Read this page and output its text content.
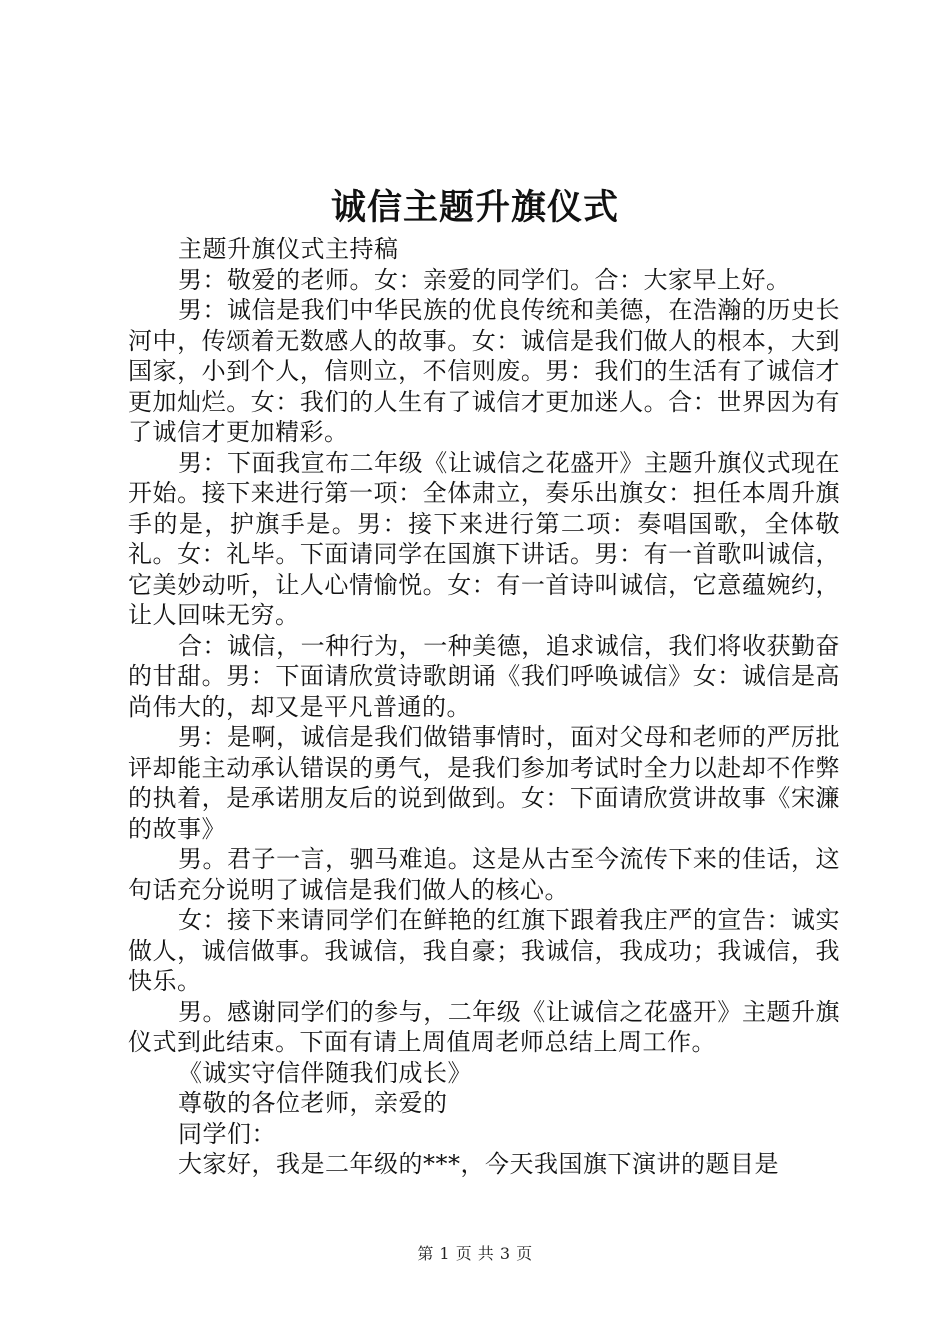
诚信主题升旗仪式

主题升旗仪式主持稿

男：敬爱的老师。女：亲爱的同学们。合：大家早上好。

男：诚信是我们中华民族的优良传统和美德，在浩瀚的历史长河中，传颂着无数感人的故事。女：诚信是我们做人的根本，大到国家，小到个人，信则立，不信则废。男：我们的生活有了诚信才更加灿烂。女：我们的人生有了诚信才更加迷人。合：世界因为有了诚信才更加精彩。

男：下面我宣布二年级《让诚信之花盛开》主题升旗仪式现在开始。接下来进行第一项：全体肃立，奏乐出旗女：担任本周升旗手的是，护旗手是。男：接下来进行第二项：奏唱国歌，全体敬礼。女：礼毕。下面请同学在国旗下讲话。男：有一首歌叫诚信，它美妙动听，让人心情愉悦。女：有一首诗叫诚信，它意蕴婉约，让人回味无穷。

合：诚信，一种行为，一种美德，追求诚信，我们将收获勤奋的甘甜。男：下面请欣赏诗歌朗诵《我们呼唤诚信》女：诚信是高尚伟大的，却又是平凡普通的。

男：是啊，诚信是我们做错事情时，面对父母和老师的严厉批评却能主动承认错误的勇气，是我们参加考试时全力以赴却不作弊的执着，是承诺朋友后的说到做到。女：下面请欣赏讲故事《宋濂的故事》

男。君子一言，驷马难追。这是从古至今流传下来的佳话，这句话充分说明了诚信是我们做人的核心。

女：接下来请同学们在鲜艳的红旗下跟着我庄严的宣告：诚实做人，诚信做事。我诚信，我自豪；我诚信，我成功；我诚信，我快乐。

男。感谢同学们的参与，二年级《让诚信之花盛开》主题升旗仪式到此结束。下面有请上周值周老师总结上周工作。

《诚实守信伴随我们成长》

尊敬的各位老师，亲爱的

同学们：

大家好，我是二年级的***，今天我国旗下演讲的题目是

第 1 页 共 3 页
